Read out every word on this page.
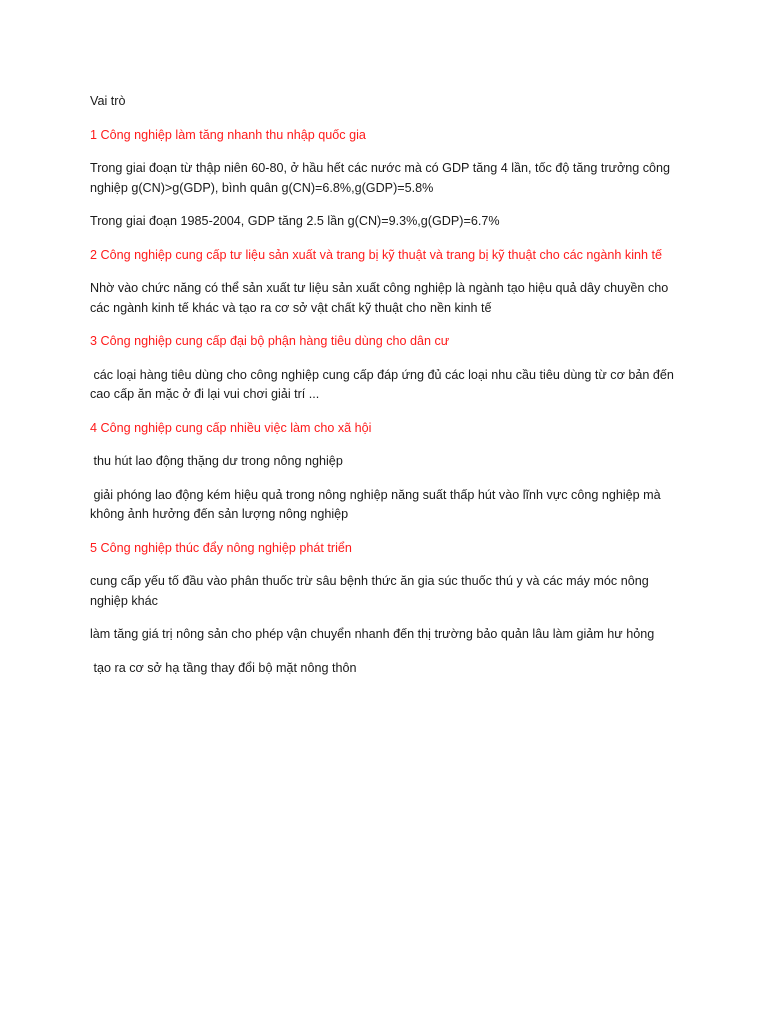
Vai trò

1 Công nghiệp làm tăng nhanh thu nhập quốc gia

Trong giai đoạn từ thập niên 60-80, ở hầu hết các nước mà có GDP tăng 4 lần, tốc độ tăng trưởng công nghiệp g(CN)>g(GDP), bình quân g(CN)=6.8%,g(GDP)=5.8%

Trong giai đoạn 1985-2004, GDP tăng 2.5 lần g(CN)=9.3%,g(GDP)=6.7%

2 Công nghiệp cung cấp tư liệu sản xuất và trang bị kỹ thuật và trang bị kỹ thuật cho các ngành kinh tế

Nhờ vào chức năng có thể sản xuất tư liệu sản xuất công nghiệp là ngành tạo hiệu quả dây chuyền cho các ngành kinh tế khác và tạo ra cơ sở vật chất kỹ thuật cho nền kinh tế

3 Công nghiệp cung cấp đại bộ phận hàng tiêu dùng cho dân cư

các loại hàng tiêu dùng cho công nghiệp cung cấp đáp ứng đủ các loại nhu cầu tiêu dùng từ cơ bản đến cao cấp ăn mặc ở đi lại vui chơi giải trí ...

4 Công nghiệp cung cấp nhiều việc làm cho xã hội

thu hút lao động thặng dư trong nông nghiệp

giải phóng lao động kém hiệu quả trong nông nghiệp năng suất thấp hút vào lĩnh vực công nghiệp mà không ảnh hưởng đến sản lượng nông nghiệp

5 Công nghiệp thúc đẩy nông nghiệp phát triển

cung cấp yếu tố đầu vào phân thuốc trừ sâu bệnh thức ăn gia súc thuốc thú y và các máy móc nông nghiệp khác

làm tăng giá trị nông sản cho phép vận chuyển nhanh đến thị trường bảo quản lâu làm giảm hư hỏng

tạo ra cơ sở hạ tầng thay đổi bộ mặt nông thôn
